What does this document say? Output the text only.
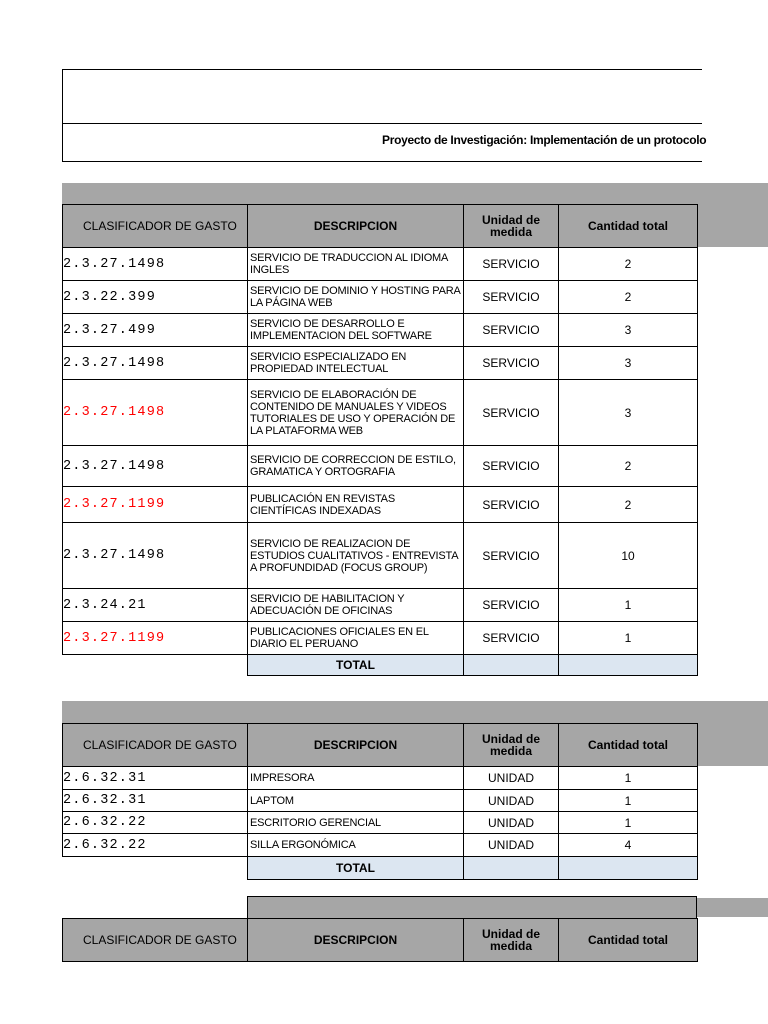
Proyecto de Investigación: Implementación de un protocolo
CLASIFICADOR DE GASTO	DESCRIPCION	Unidad de medida	Cantidad total
2.3.27.1498	SERVICIO DE TRADUCCION AL IDIOMA INGLES	SERVICIO	2
2.3.22.399	SERVICIO DE DOMINIO Y HOSTING PARA LA PÁGINA WEB	SERVICIO	2
2.3.27.499	SERVICIO DE DESARROLLO E IMPLEMENTACION DEL SOFTWARE	SERVICIO	3
2.3.27.1498	SERVICIO ESPECIALIZADO EN PROPIEDAD INTELECTUAL	SERVICIO	3
2.3.27.1498	SERVICIO DE ELABORACIÓN DE CONTENIDO DE MANUALES Y VIDEOS TUTORIALES DE USO Y OPERACIÓN DE LA PLATAFORMA WEB	SERVICIO	3
2.3.27.1498	SERVICIO DE CORRECCION DE ESTILO, GRAMATICA Y ORTOGRAFIA	SERVICIO	2
2.3.27.1199	PUBLICACIÓN EN REVISTAS CIENTÍFICAS INDEXADAS	SERVICIO	2
2.3.27.1498	SERVICIO DE REALIZACION DE ESTUDIOS CUALITATIVOS - ENTREVISTA A PROFUNDIDAD (FOCUS GROUP)	SERVICIO	10
2.3.24.21	SERVICIO DE HABILITACION Y ADECUACIÓN DE OFICINAS	SERVICIO	1
2.3.27.1199	PUBLICACIONES OFICIALES EN EL DIARIO EL PERUANO	SERVICIO	1
	TOTAL		
CLASIFICADOR DE GASTO	DESCRIPCION	Unidad de medida	Cantidad total
2.6.32.31	IMPRESORA	UNIDAD	1
2.6.32.31	LAPTOM	UNIDAD	1
2.6.32.22	ESCRITORIO GERENCIAL	UNIDAD	1
2.6.32.22	SILLA ERGONÓMICA	UNIDAD	4
	TOTAL		
CLASIFICADOR DE GASTO	DESCRIPCION	Unidad de medida	Cantidad total
